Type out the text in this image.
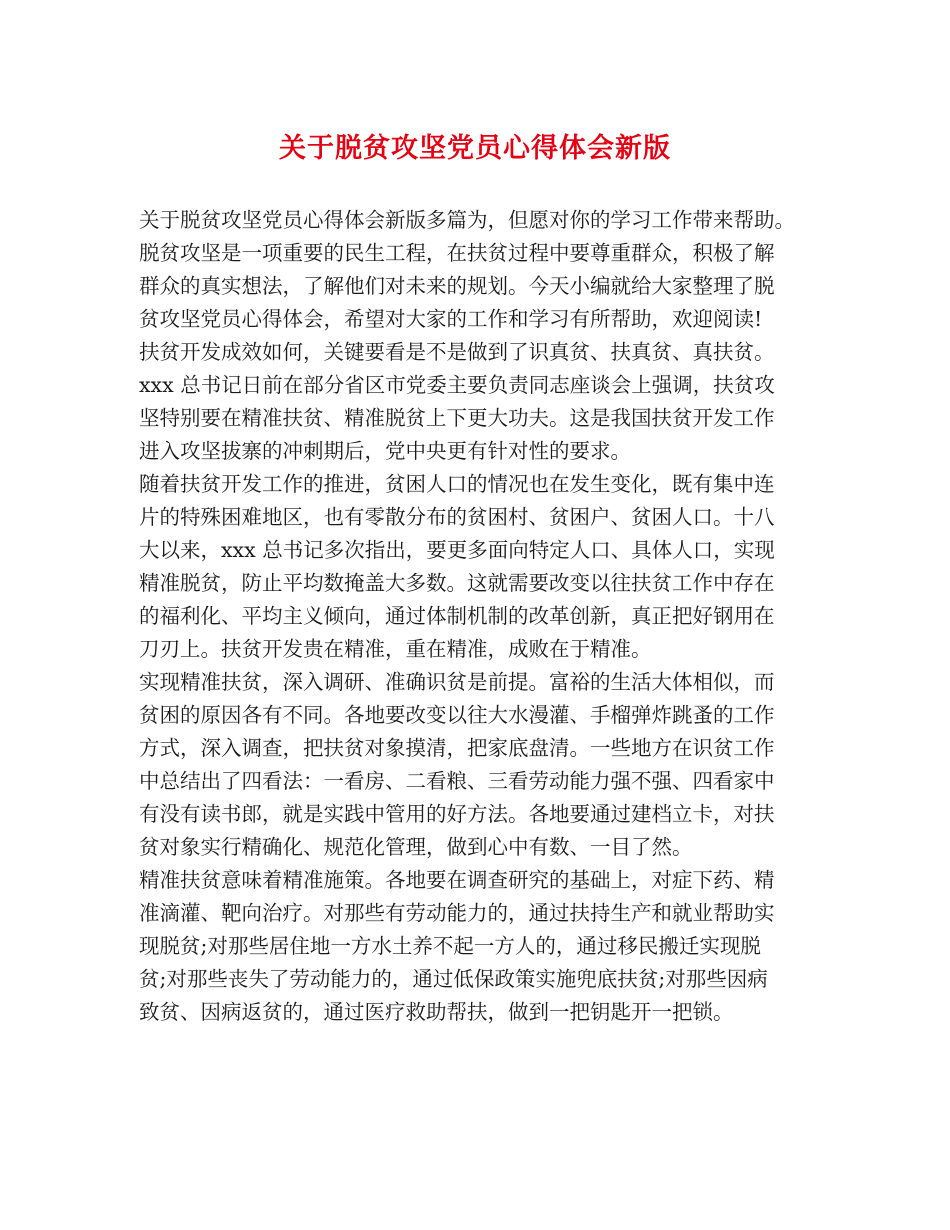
关于脱贫攻坚党员心得体会新版
关于脱贫攻坚党员心得体会新版多篇为，但愿对你的学习工作带来帮助。
脱贫攻坚是一项重要的民生工程，在扶贫过程中要尊重群众，积极了解
群众的真实想法，了解他们对未来的规划。今天小编就给大家整理了脱
贫攻坚党员心得体会，希望对大家的工作和学习有所帮助，欢迎阅读!
扶贫开发成效如何，关键要看是不是做到了识真贫、扶真贫、真扶贫。
xxx 总书记日前在部分省区市党委主要负责同志座谈会上强调，扶贫攻
坚特别要在精准扶贫、精准脱贫上下更大功夫。这是我国扶贫开发工作
进入攻坚拔寨的冲刺期后，党中央更有针对性的要求。
随着扶贫开发工作的推进，贫困人口的情况也在发生变化，既有集中连
片的特殊困难地区，也有零散分布的贫困村、贫困户、贫困人口。十八
大以来，xxx 总书记多次指出，要更多面向特定人口、具体人口，实现
精准脱贫，防止平均数掩盖大多数。这就需要改变以往扶贫工作中存在
的福利化、平均主义倾向，通过体制机制的改革创新，真正把好钢用在
刀刃上。扶贫开发贵在精准，重在精准，成败在于精准。
实现精准扶贫，深入调研、准确识贫是前提。富裕的生活大体相似，而
贫困的原因各有不同。各地要改变以往大水漫灌、手榴弹炸跳蚤的工作
方式，深入调查，把扶贫对象摸清，把家底盘清。一些地方在识贫工作
中总结出了四看法：一看房、二看粮、三看劳动能力强不强、四看家中
有没有读书郎，就是实践中管用的好方法。各地要通过建档立卡，对扶
贫对象实行精确化、规范化管理，做到心中有数、一目了然。
精准扶贫意味着精准施策。各地要在调查研究的基础上，对症下药、精
准滴灌、靶向治疗。对那些有劳动能力的，通过扶持生产和就业帮助实
现脱贫;对那些居住地一方水土养不起一方人的，通过移民搬迁实现脱
贫;对那些丧失了劳动能力的，通过低保政策实施兜底扶贫;对那些因病
致贫、因病返贫的，通过医疗救助帮扶，做到一把钥匙开一把锁。
